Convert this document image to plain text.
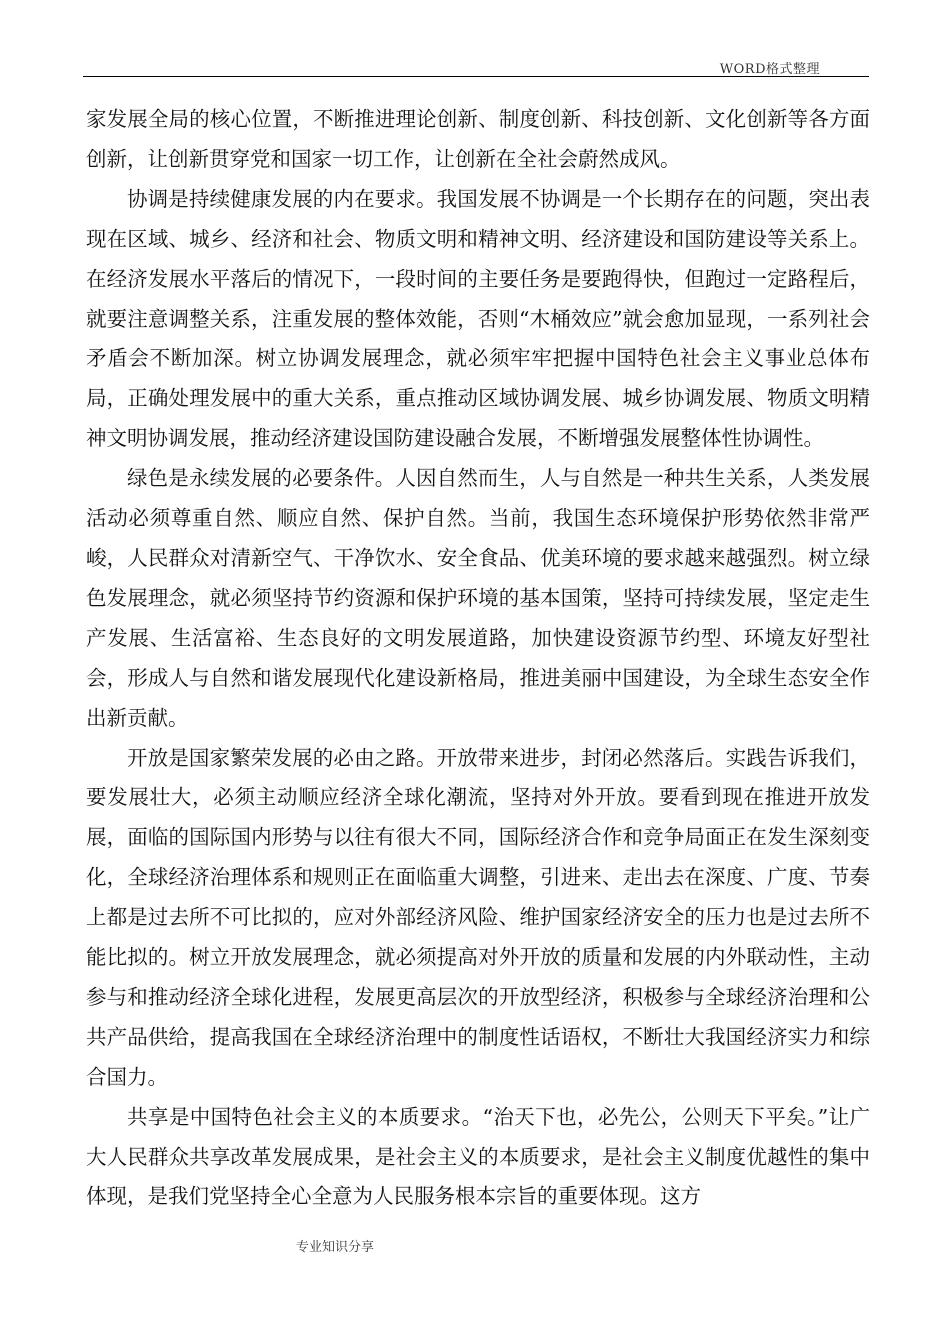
WORD格式整理

家发展全局的核心位置，不断推进理论创新、制度创新、科技创新、文化创新等各方面创新，让创新贯穿党和国家一切工作，让创新在全社会蔚然成风。

协调是持续健康发展的内在要求。我国发展不协调是一个长期存在的问题，突出表现在区域、城乡、经济和社会、物质文明和精神文明、经济建设和国防建设等关系上。在经济发展水平落后的情况下，一段时间的主要任务是要跑得快，但跑过一定路程后，就要注意调整关系，注重发展的整体效能，否则“木桶效应”就会愈加显现，一系列社会矛盾会不断加深。树立协调发展理念，就必须牢牢把握中国特色社会主义事业总体布局，正确处理发展中的重大关系，重点推动区域协调发展、城乡协调发展、物质文明精神文明协调发展，推动经济建设国防建设融合发展，不断增强发展整体性协调性。

绿色是永续发展的必要条件。人因自然而生，人与自然是一种共生关系，人类发展活动必须尊重自然、顺应自然、保护自然。当前，我国生态环境保护形势依然非常严峻，人民群众对清新空气、干净饮水、安全食品、优美环境的要求越来越强烈。树立绿色发展理念，就必须坚持节约资源和保护环境的基本国策，坚持可持续发展，坚定走生产发展、生活富裕、生态良好的文明发展道路，加快建设资源节约型、环境友好型社会，形成人与自然和谐发展现代化建设新格局，推进美丽中国建设，为全球生态安全作出新贡献。

开放是国家繁荣发展的必由之路。开放带来进步，封闭必然落后。实践告诉我们，要发展壮大，必须主动顺应经济全球化潮流，坚持对外开放。要看到现在推进开放发展，面临的国际国内形势与以往有很大不同，国际经济合作和竞争局面正在发生深刻变化，全球经济治理体系和规则正在面临重大调整，引进来、走出去在深度、广度、节奏上都是过去所不可比拟的，应对外部经济风险、维护国家经济安全的压力也是过去所不能比拟的。树立开放发展理念，就必须提高对外开放的质量和发展的内外联动性，主动参与和推动经济全球化进程，发展更高层次的开放型经济，积极参与全球经济治理和公共产品供给，提高我国在全球经济治理中的制度性话语权，不断壮大我国经济实力和综合国力。

共享是中国特色社会主义的本质要求。“治天下也，必先公，公则天下平矣。”让广大人民群众共享改革发展成果，是社会主义的本质要求，是社会主义制度优越性的集中体现，是我们党坚持全心全意为人民服务根本宗旨的重要体现。这方

专业知识分享
